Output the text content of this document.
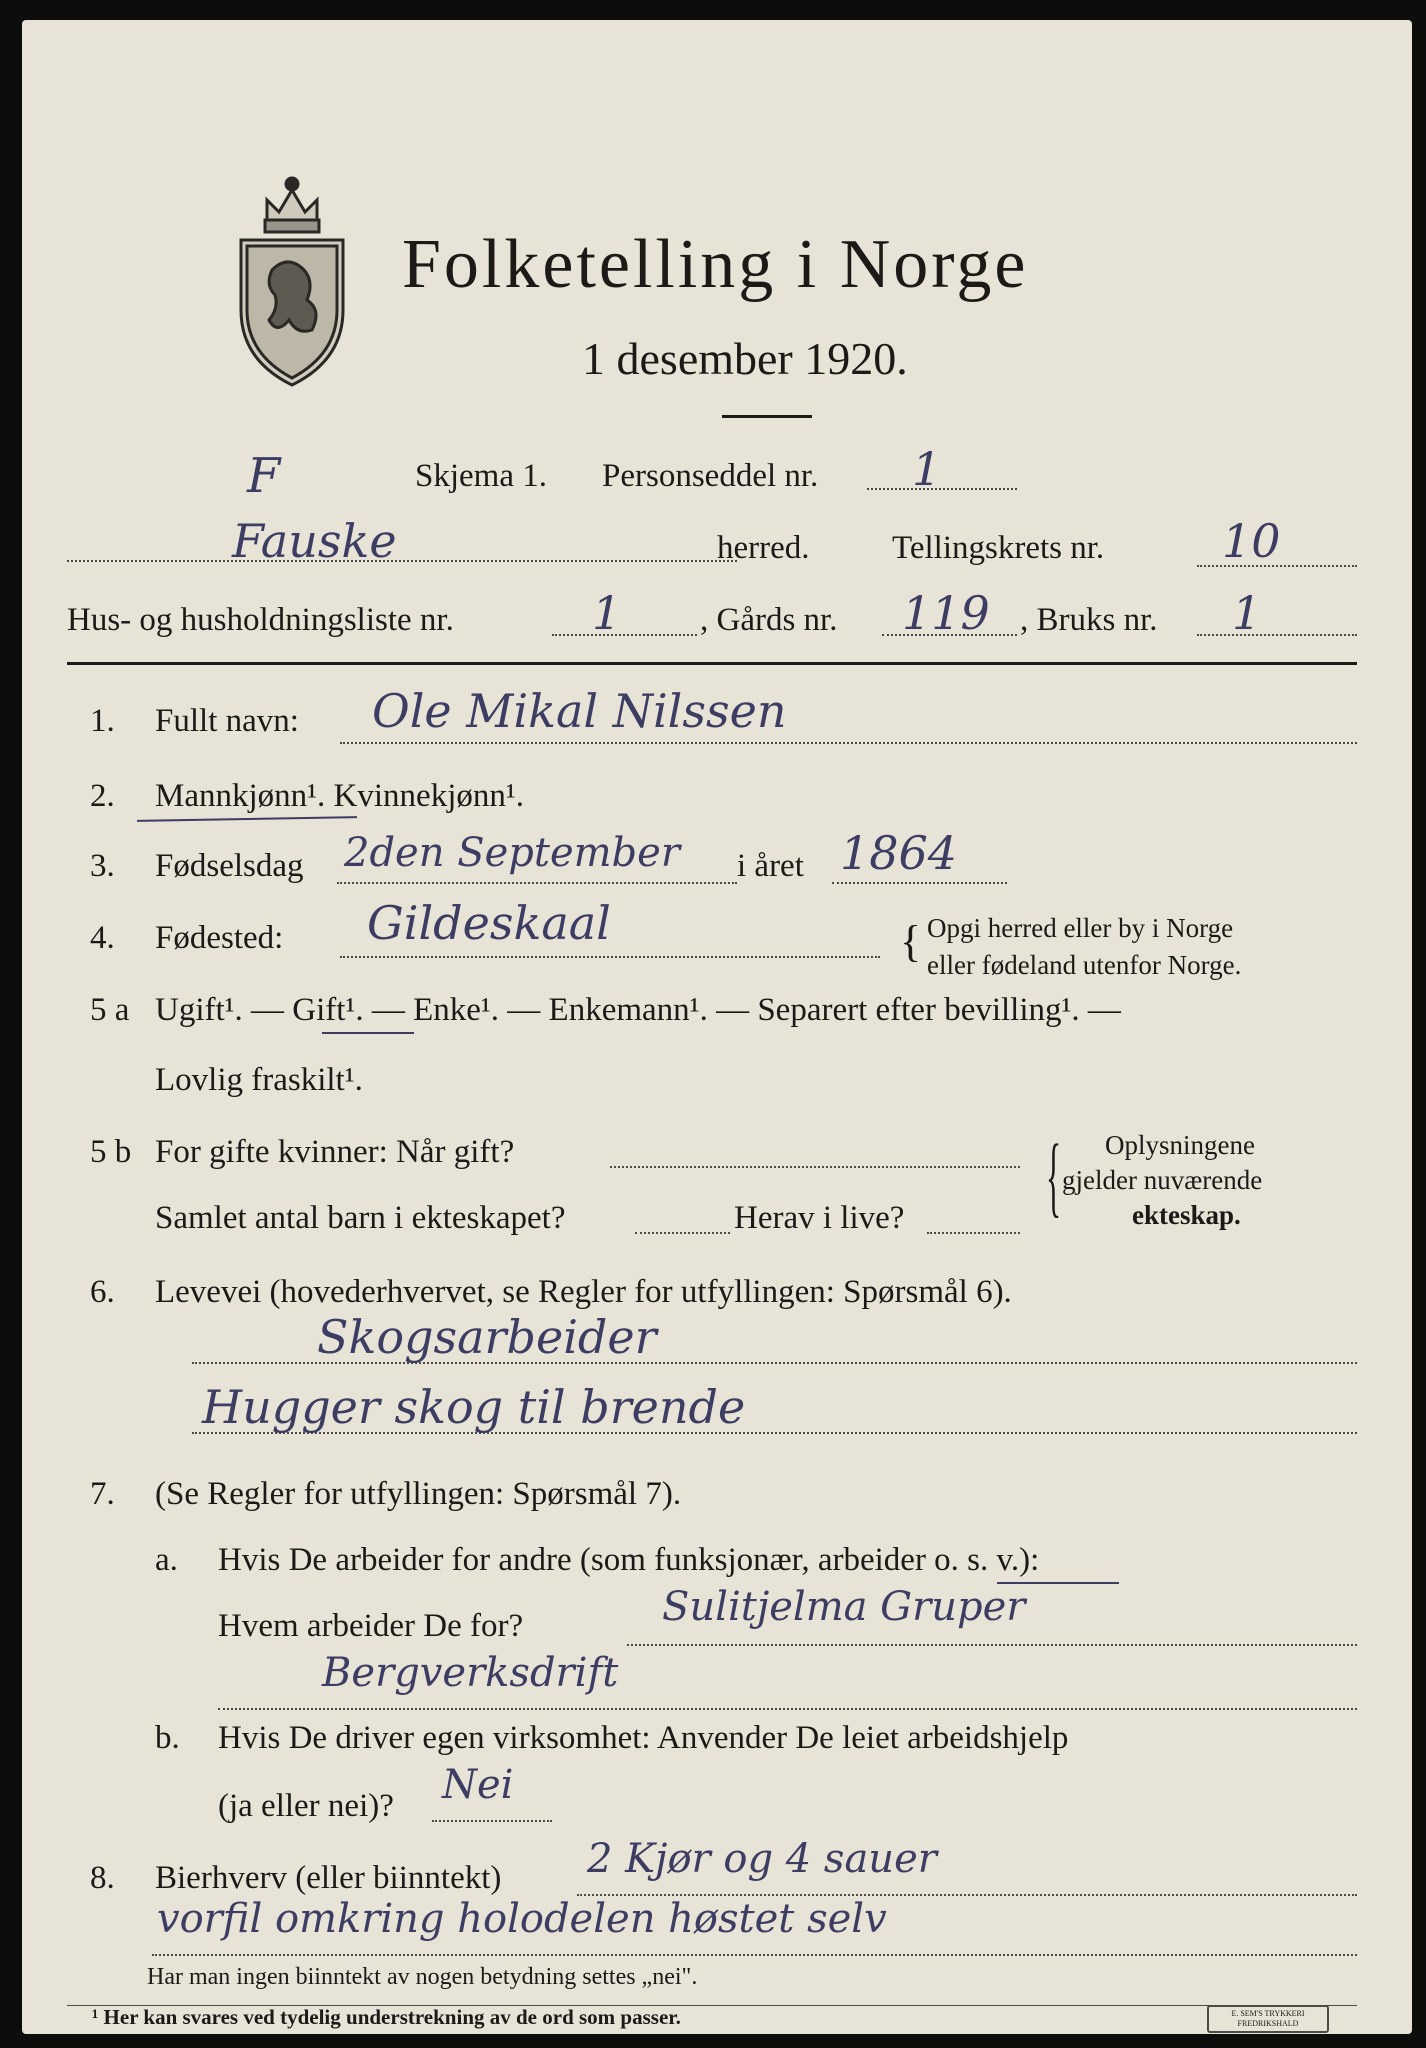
Folketelling i Norge
1 desember 1920.
F	Skjema 1. Personseddel nr. 1
Fauske	herred. Tellingskrets nr.	10
Hus- og husholdningsliste nr.	1 , Gårds nr. 119 , Bruks nr. 1
1. Fullt navn: Ole Mikal Nilssen
2. Mannkjønn¹. Kvinnekjønn¹.
3. Fødselsdag 2den September i året 1864
4. Fødested: Gildeskaal	{ Opgi herred eller by i Norge
eller fødeland utenfor Norge.
5 a Ugift¹. — Gift¹. — Enke¹. — Enkemann¹. — Separert efter bevilling¹. —
Lovlig fraskilt¹.
5 b For gifte kvinner: Når gift?
Samlet antal barn i ekteskapet?	Herav i live? { Oplysningene
gjelder nuværende
ekteskap.
6. Levevei (hovederhvervet, se Regler for utfyllingen: Spørsmål 6).
Skogsarbeider
Hugger skog til brende
7. (Se Regler for utfyllingen: Spørsmål 7).
a. Hvis De arbeider for andre (som funksjonær, arbeider o. s. v.):
Hvem arbeider De for?	Sulitjelma Gruper
Bergverksdrift
b. Hvis De driver egen virksomhet: Anvender De leiet arbeidshjelp
(ja eller nei)? Nei
8. Bierhverv (eller biinntekt) 2 Kjør og 4 sauer
vorfil omkring holodelen høstet selv
Har man ingen biinntekt av nogen betydning settes „nei".
¹ Her kan svares ved tydelig understrekning av de ord som passer.	E. SEM'S TRYKKERI FREDRIKSHALD
